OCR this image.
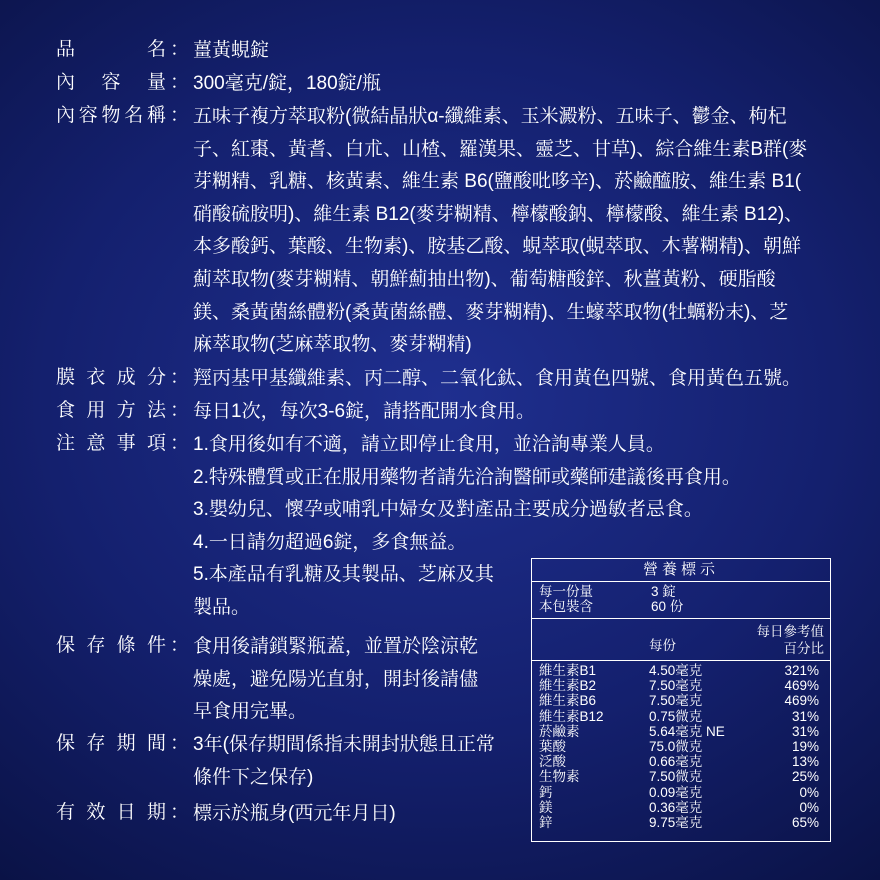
品	名 ： 薑黃蜆錠
內 容 量 ： 300毫克/錠，180錠/瓶
內 容 物 名 稱 ： 五味子複方萃取粉(微結晶狀α-纖維素、玉米澱粉、五味子、鬱金、枸杞
子、紅棗、黃耆、白朮、山楂、羅漢果、靈芝、甘草)、綜合維生素B群(麥
芽糊精、乳糖、核黃素、維生素 B6(鹽酸吡哆辛)、菸鹼醯胺、維生素 B1(
硝酸硫胺明)、維生素 B12(麥芽糊精、檸檬酸鈉、檸檬酸、維生素 B12)、
本多酸鈣、葉酸、生物素)、胺基乙酸、蜆萃取(蜆萃取、木薯糊精)、朝鮮
薊萃取物(麥芽糊精、朝鮮薊抽出物)、葡萄糖酸鋅、秋薑黃粉、硬脂酸
鎂、桑黃菌絲體粉(桑黃菌絲體、麥芽糊精)、生蠔萃取物(牡蠣粉末)、芝
麻萃取物(芝麻萃取物、麥芽糊精)
膜 衣 成 分 ： 羥丙基甲基纖維素、丙二醇、二氧化鈦、食用黃色四號、食用黃色五號。
食 用 方 法 ： 每日1次，每次3-6錠，請搭配開水食用。
注 意 事 項 ： 1.食用後如有不適，請立即停止食用，並洽詢專業人員。
2.特殊體質或正在服用藥物者請先洽詢醫師或藥師建議後再食用。
3.嬰幼兒、懷孕或哺乳中婦女及對產品主要成分過敏者忌食。
4.一日請勿超過6錠，多食無益。
5.本產品有乳糖及其製品、芝麻及其
製品。
保 存 條 件 ： 食用後請鎖緊瓶蓋，並置於陰涼乾
燥處，避免陽光直射，開封後請儘
早食用完畢。
保 存 期 間 ： 3年(保存期間係指未開封狀態且正常
條件下之保存)
有 效 日 期 ： 標示於瓶身(西元年月日)
營養標示
每一份量	3 錠
本包裝含	60 份
每份
每日參考值
百分比
維生素B1	4.50毫克	321%
維生素B2	7.50毫克	469%
維生素B6	7.50毫克	469%
維生素B12	0.75微克	31%
菸鹼素	5.64毫克 NE	31%
葉酸	75.0微克	19%
泛酸	0.66毫克	13%
生物素	7.50微克	25%
鈣	0.09毫克	0%
鎂	0.36毫克	0%
鋅	9.75毫克	65%
